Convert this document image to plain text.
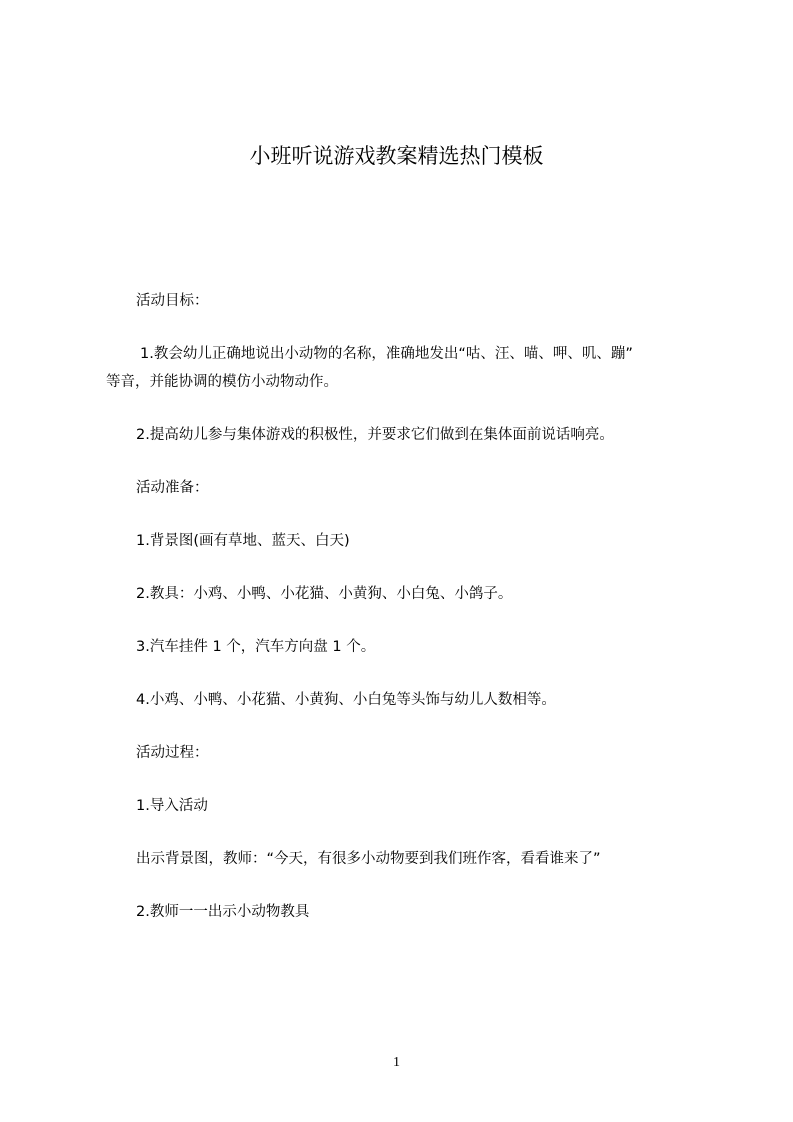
小班听说游戏教案精选热门模板
活动目标：
1.教会幼儿正确地说出小动物的名称，准确地发出“咕、汪、喵、呷、叽、蹦”
等音，并能协调的模仿小动物动作。
2.提高幼儿参与集体游戏的积极性，并要求它们做到在集体面前说话响亮。
活动准备：
1.背景图(画有草地、蓝天、白天)
2.教具：小鸡、小鸭、小花猫、小黄狗、小白兔、小鸽子。
3.汽车挂件 1 个，汽车方向盘 1 个。
4.小鸡、小鸭、小花猫、小黄狗、小白兔等头饰与幼儿人数相等。
活动过程：
1.导入活动
出示背景图，教师：“今天，有很多小动物要到我们班作客，看看谁来了”
2.教师一一出示小动物教具
1
